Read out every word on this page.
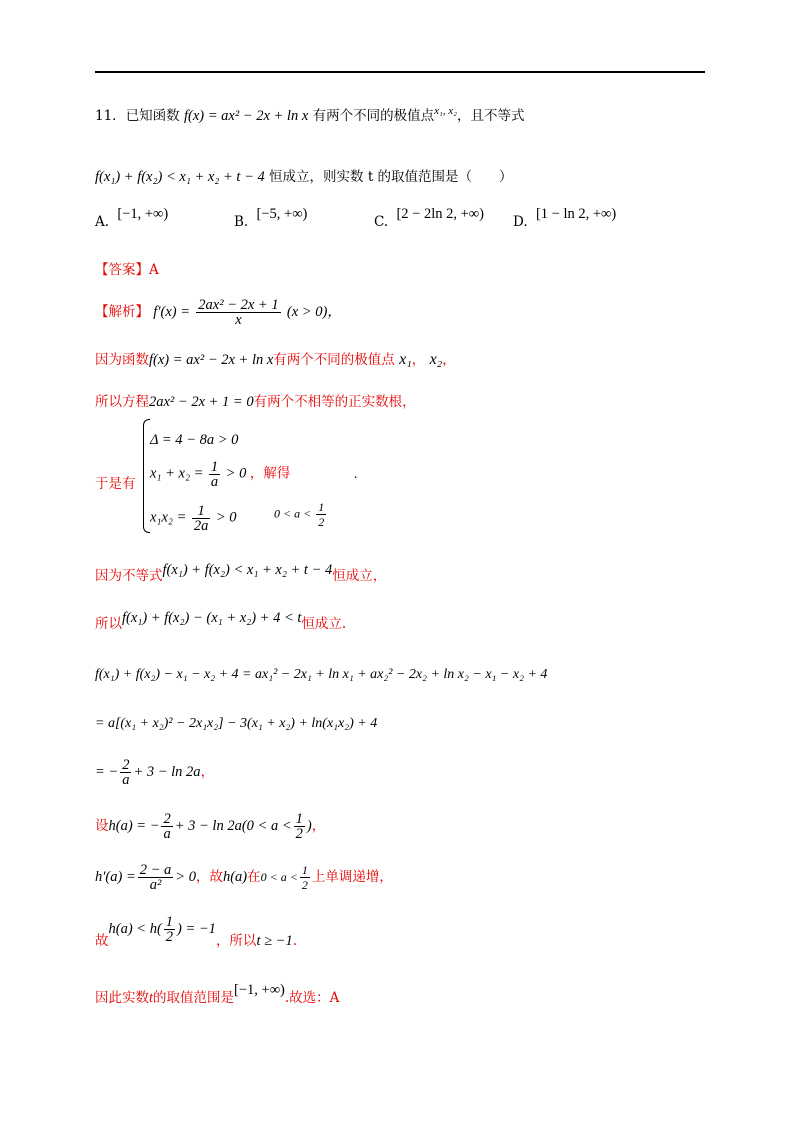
11．已知函数 f(x) = ax² − 2x + ln x 有两个不同的极值点$^{x_1, x_2}$，且不等式
f(x₁) + f(x₂) < x₁ + x₂ + t − 4 恒成立，则实数 t 的取值范围是（　　）
A. [−1, +∞)	B. [−5, +∞)	C. [2 − 2ln 2, +∞) D. [1 − ln 2, +∞)
【答案】A
【解析】 $f'(x) = \frac{\text{2ax² − 2x + 1}}{x} (x > 0)$，
因为函数f(x) = ax² − 2x + ln x有两个不同的极值点 x₁， x₂，
所以方程2ax² − 2x + 1 = 0有两个不相等的正实数根，
于是有
Δ = 4 − 8a > 0
$x_1 + x_2 = \frac{1}{a} > 0$ ，解得	.
$x_1x_2 = \frac{1}{2a} > 0$	$0 < a < \frac{1}{2}$
因为不等式f(x₁) + f(x₂) < x₁ + x₂ + t − 4恒成立，
所以f(x₁) + f(x₂) − (x₁ + x₂) + 4 < t恒成立.
f(x₁) + f(x₂) − x₁ − x₂ + 4 = ax₁² − 2x₁ + ln x₁ + ax₂² − 2x₂ + ln x₂ − x₁ − x₂ + 4
= a[(x₁ + x₂)² − 2x₁x₂] − 3(x₁ + x₂) + ln(x₁x₂) + 4
= − $\frac{2}{a} + 3 - \ln 2a$，
设h(a) = − $\frac{2}{a} + 3 - \ln 2a(0 < a < \frac{1}{2}$ )，
$h'(a) = \frac{2 - a}{\text{a²}} > 0$，故h(a)在$0 < a < \frac{1}{2}$ 上单调递增，
故$h(a) < h( \frac{1}{2}$ ) = −1，所以t ≥ −1.
因此实数t的取值范围是[−1, +∞).故选：A
